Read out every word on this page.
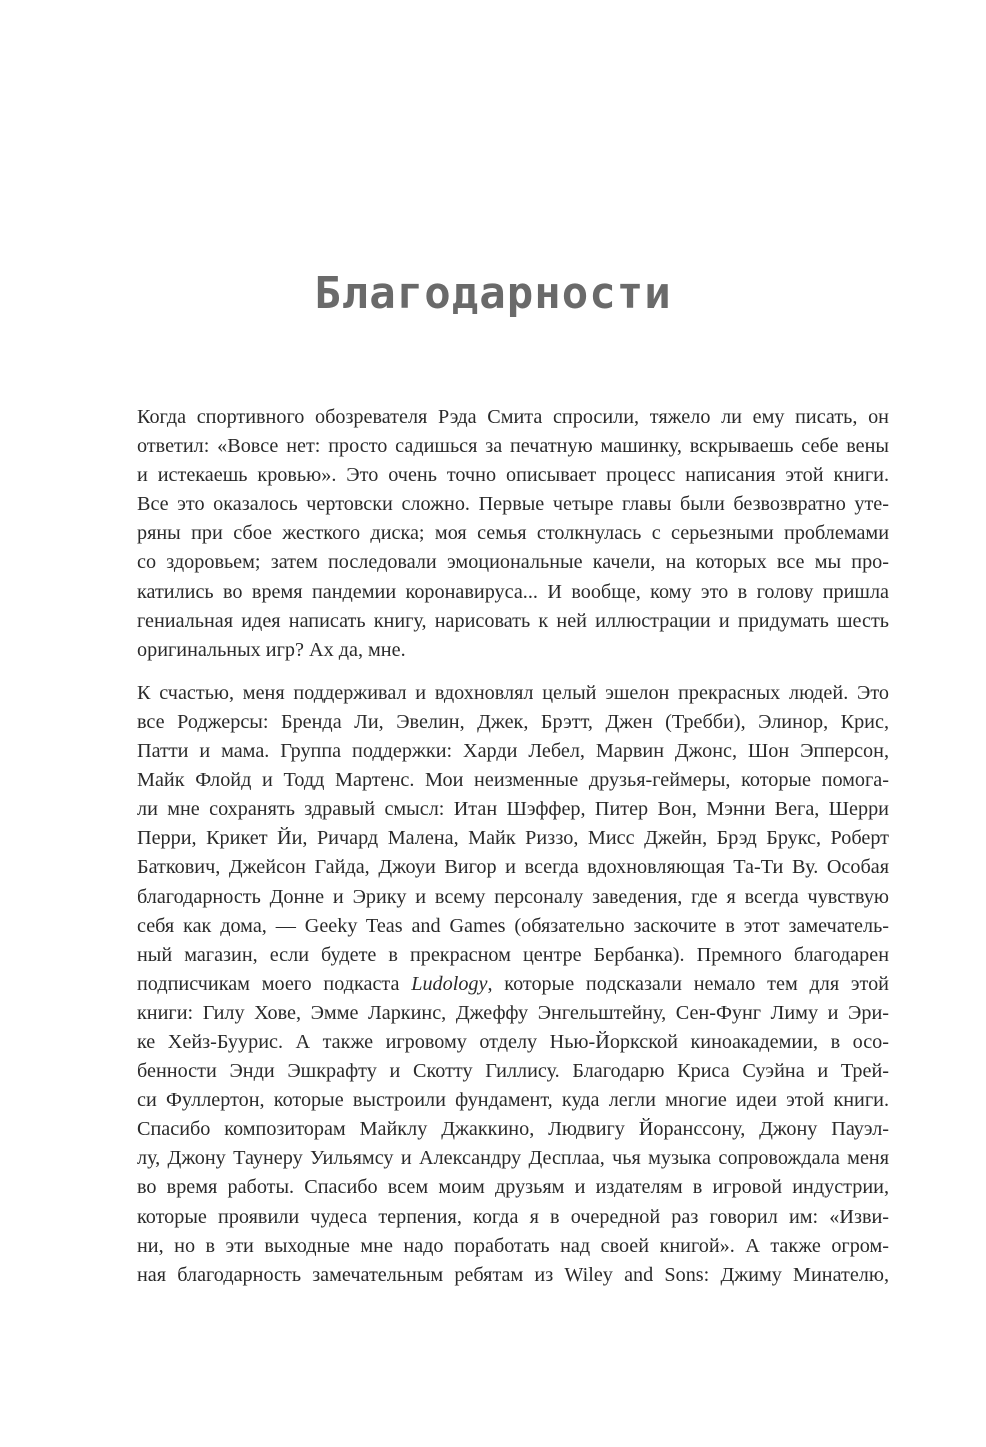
Благодарности

Когда спортивного обозревателя Рэда Смита спросили, тяжело ли ему писать, он
ответил: «Вовсе нет: просто садишься за печатную машинку, вскрываешь себе вены
и истекаешь кровью». Это очень точно описывает процесс написания этой книги.
Все это оказалось чертовски сложно. Первые четыре главы были безвозвратно уте-
ряны при сбое жесткого диска; моя семья столкнулась с серьезными проблемами
со здоровьем; затем последовали эмоциональные качели, на которых все мы про-
катились во время пандемии коронавируса... И вообще, кому это в голову пришла
гениальная идея написать книгу, нарисовать к ней иллюстрации и придумать шесть
оригинальных игр? Ах да, мне.

К счастью, меня поддерживал и вдохновлял целый эшелон прекрасных людей. Это
все Роджерсы: Бренда Ли, Эвелин, Джек, Брэтт, Джен (Требби), Элинор, Крис,
Патти и мама. Группа поддержки: Харди Лебел, Марвин Джонс, Шон Эпперсон,
Майк Флойд и Тодд Мартенс. Мои неизменные друзья-геймеры, которые помога-
ли мне сохранять здравый смысл: Итан Шэффер, Питер Вон, Мэнни Вега, Шерри
Перри, Крикет Йи, Ричард Малена, Майк Риззо, Мисс Джейн, Брэд Брукс, Роберт
Баткович, Джейсон Гайда, Джоуи Вигор и всегда вдохновляющая Та-Ти Ву. Особая
благодарность Донне и Эрику и всему персоналу заведения, где я всегда чувствую
себя как дома, — Geeky Teas and Games (обязательно заскочите в этот замечатель-
ный магазин, если будете в прекрасном центре Бербанка). Премного благодарен
подписчикам моего подкаста Ludology, которые подсказали немало тем для этой
книги: Гилу Хове, Эмме Ларкинс, Джеффу Энгельштейну, Сен-Фунг Лиму и Эри-
ке Хейз-Буурис. А также игровому отделу Нью-Йоркской киноакадемии, в осо-
бенности Энди Эшкрафту и Скотту Гиллису. Благодарю Криса Суэйна и Трей-
си Фуллертон, которые выстроили фундамент, куда легли многие идеи этой книги.
Спасибо композиторам Майклу Джаккино, Людвигу Йоранссону, Джону Пауэл-
лу, Джону Таунеру Уильямсу и Александру Десплаа, чья музыка сопровождала меня
во время работы. Спасибо всем моим друзьям и издателям в игровой индустрии,
которые проявили чудеса терпения, когда я в очередной раз говорил им: «Изви-
ни, но в эти выходные мне надо поработать над своей книгой». А также огром-
ная благодарность замечательным ребятам из Wiley and Sons: Джиму Минателю,
